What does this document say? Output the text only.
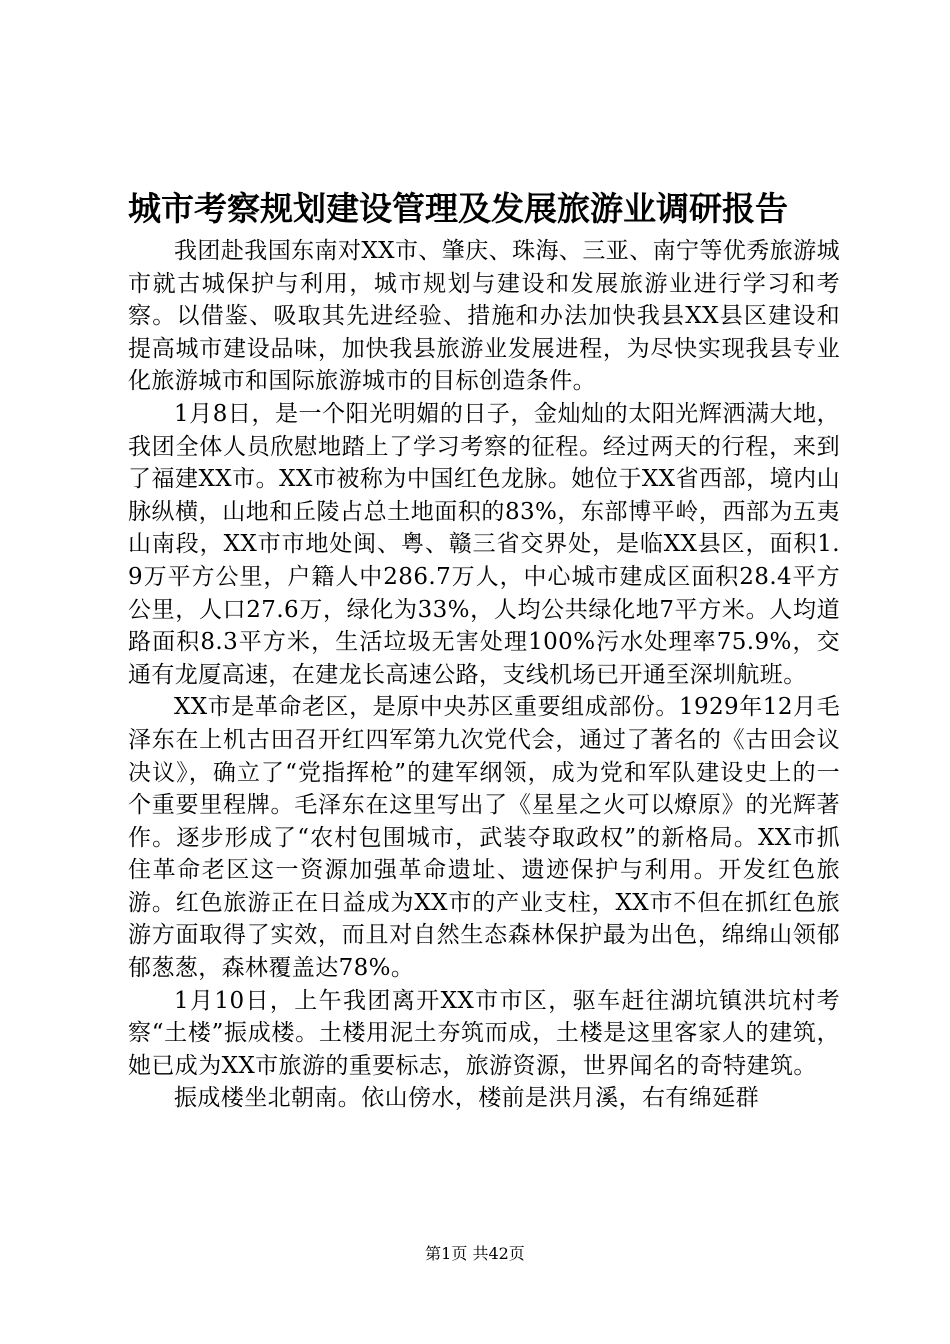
城市考察规划建设管理及发展旅游业调研报告

我团赴我国东南对XX市、肇庆、珠海、三亚、南宁等优秀旅游城市就古城保护与利用，城市规划与建设和发展旅游业进行学习和考察。以借鉴、吸取其先进经验、措施和办法加快我县XX县区建设和提高城市建设品味，加快我县旅游业发展进程，为尽快实现我县专业化旅游城市和国际旅游城市的目标创造条件。

1月8日，是一个阳光明媚的日子，金灿灿的太阳光辉洒满大地，我团全体人员欣慰地踏上了学习考察的征程。经过两天的行程，来到了福建XX市。XX市被称为中国红色龙脉。她位于XX省西部，境内山脉纵横，山地和丘陵占总土地面积的83%，东部博平岭，西部为五夷山南段，XX市市地处闽、粤、赣三省交界处，是临XX县区，面积1.9万平方公里，户籍人中286.7万人，中心城市建成区面积28.4平方公里，人口27.6万，绿化为33%，人均公共绿化地7平方米。人均道路面积8.3平方米，生活垃圾无害处理100%污水处理率75.9%，交通有龙厦高速，在建龙长高速公路，支线机场已开通至深圳航班。

XX市是革命老区，是原中央苏区重要组成部份。1929年12月毛泽东在上机古田召开红四军第九次党代会，通过了著名的《古田会议决议》，确立了“党指挥枪”的建军纲领，成为党和军队建设史上的一个重要里程牌。毛泽东在这里写出了《星星之火可以燎原》的光辉著作。逐步形成了“农村包围城市，武装夺取政权”的新格局。XX市抓住革命老区这一资源加强革命遗址、遗迹保护与利用。开发红色旅游。红色旅游正在日益成为XX市的产业支柱，XX市不但在抓红色旅游方面取得了实效，而且对自然生态森林保护最为出色，绵绵山领郁郁葱葱，森林覆盖达78%。

1月10日，上午我团离开XX市市区，驱车赶往湖坑镇洪坑村考察“土楼”振成楼。土楼用泥土夯筑而成，土楼是这里客家人的建筑，她已成为XX市旅游的重要标志，旅游资源，世界闻名的奇特建筑。

振成楼坐北朝南。依山傍水，楼前是洪月溪，右有绵延群

第1页 共42页
